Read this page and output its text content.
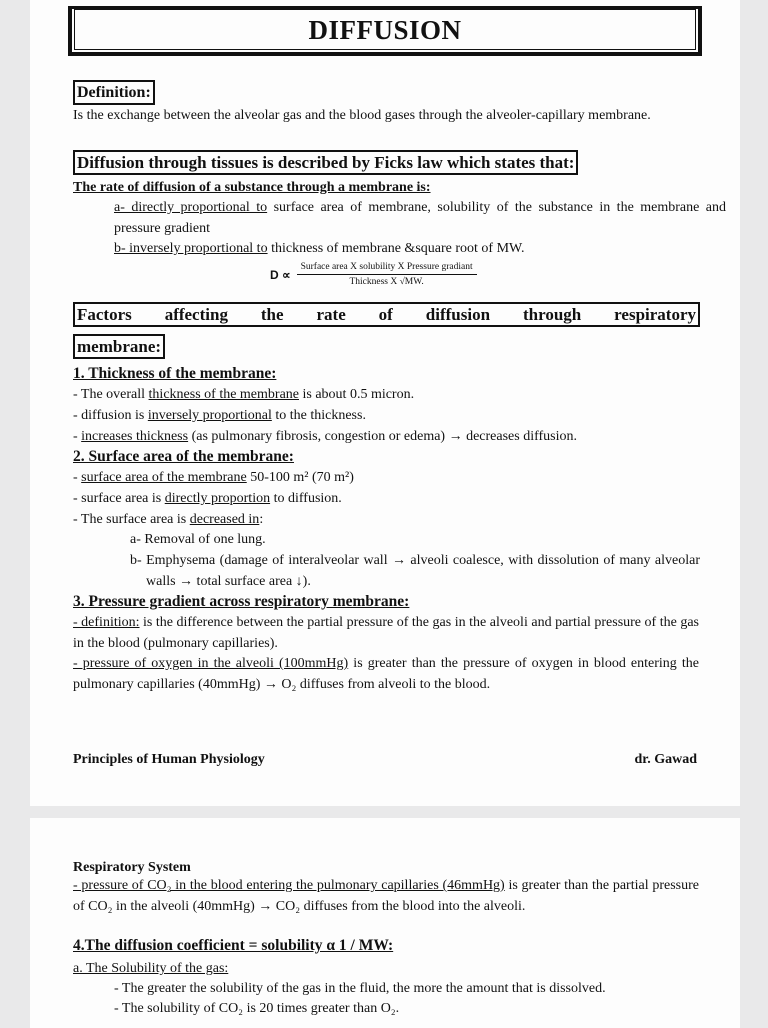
DIFFUSION
Definition:
Is the exchange between the alveolar gas and the blood gases through the alveoler-capillary membrane.
Diffusion through tissues is described by Ficks law which states that:
The rate of diffusion of a substance through a membrane is:
a- directly proportional to surface area of membrane, solubility of the substance in the membrane and pressure gradient
b- inversely proportional to thickness of membrane &square root of MW.
$D \propto \frac{\text{Surface area X solubility X Pressure gradiant}}{\text{Thickness X √MW.}}$
Factors affecting the rate of diffusion through respiratory
membrane:
1. Thickness of the membrane:
- The overall thickness of the membrane is about 0.5 micron.
- diffusion is inversely proportional to the thickness.
- increases thickness (as pulmonary fibrosis, congestion or edema) → decreases diffusion.
2. Surface area of the membrane:
- surface area of the membrane 50-100 m² (70 m²)
- surface area is directly proportion to diffusion.
- The surface area is decreased in:
a- Removal of one lung.
b- Emphysema (damage of interalveolar wall → alveoli coalesce, with dissolution of many alveolar walls → total surface area ↓).
3. Pressure gradient across respiratory membrane:
- definition: is the difference between the partial pressure of the gas in the alveoli and partial pressure of the gas in the blood (pulmonary capillaries).
- pressure of oxygen in the alveoli (100mmHg) is greater than the pressure of oxygen in blood entering the pulmonary capillaries (40mmHg) → O₂ diffuses from alveoli to the blood.
Principles of Human Physiology	dr. Gawad
Respiratory System
- pressure of CO₂ in the blood entering the pulmonary capillaries (46mmHg) is greater than the partial pressure of CO₂ in the alveoli (40mmHg) → CO₂ diffuses from the blood into the alveoli.
4.The diffusion coefficient = solubility α 1 / MW:
a. The Solubility of the gas:
- The greater the solubility of the gas in the fluid, the more the amount that is dissolved.
- The solubility of CO₂ is 20 times greater than O₂.
